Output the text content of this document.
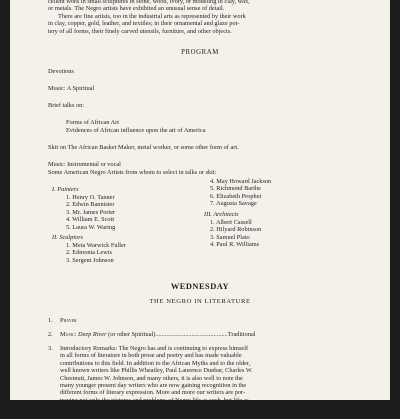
cellent work in small sculptures in stone, wood, ivory, or modeling in clay, wax,
or metals. The Negro artists have exhibited an unusual sense of detail.
There are fine artists, too in the industrial arts as represented by their work
in clay, copper, gold, leather, and textiles; in their ornamental and glaze pot-
tery of all forms, their finely carved utensils, furniture, and other objects.
PROGRAM
Devotions
Music: A Spiritual
Brief talks on:
Forms of African Art
Evidences of African influence upon the art of America
Skit on The African Basket Maker, metal worker, or some other form of art.
Music: Instrumental or vocal
Some American Negro Artists from whom to select in talks or skit:
I. Painters
1. Henry O. Tanner
2. Edwin Bannister
3. Mr. James Porter
4. William E. Scott
5. Laura W. Waring
II. Sculptors
1. Meta Warwick Fuller
2. Edmonia Lewis
3. Sergent Johnson
4. May Howard Jackson
5. Richmond Barthe
6. Elizabeth Prophet
7. Augusta Savage
III. Architects
1. Albert Cassell
2. Hilyard Robinson
3. Samuel Plato
4. Paul R. Williams
WEDNESDAY
THE NEGRO IN LITERATURE
1. Prayer
2. Music: Deep River (or other Spiritual)..............................................Traditional
3. Introductory Remarks: The Negro has and is continuing to express himself
in all forms of literature in both prose and poetry and has made valuable
contributions to this field. In addition to the African Myths and to the older,
well known writers like Phillis Wheatley, Paul Laurence Dunbar, Charles W.
Chestnutt, James W. Johnson, and many others, it is also well to note the
many younger present day writers who are now gaining recognition in the
different forms of literary expression. More and more our writers are por-
traying not only the pictures and problems of Negro life as such, but life as
it is universally lived with its great emotions, high aspirations, fierce struggles,
and keen pleasures that people and refine the spirit. These great spiritual
